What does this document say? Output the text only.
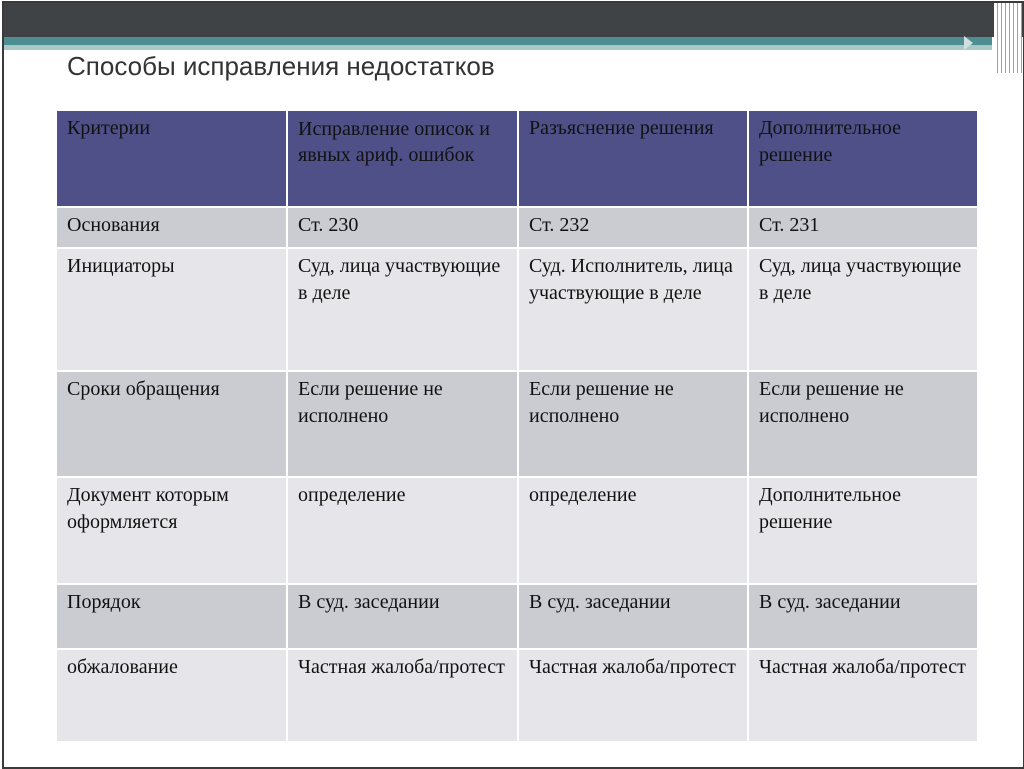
Способы исправления недостатков
Критерии	Исправление описок и явных ариф. ошибок	Разъяснение решения	Дополнительное решение
Основания	Ст. 230	Ст. 232	Ст. 231
Инициаторы	Суд, лица участвующие в деле	Суд. Исполнитель, лица участвующие в деле	Суд, лица участвующие в деле
Сроки обращения	Если решение не исполнено	Если решение не исполнено	Если решение не исполнено
Документ которым оформляется	определение	определение	Дополнительное решение
Порядок	В суд. заседании	В суд. заседании	В суд. заседании
обжалование	Частная жалоба/протест	Частная жалоба/протест	Частная жалоба/протест
